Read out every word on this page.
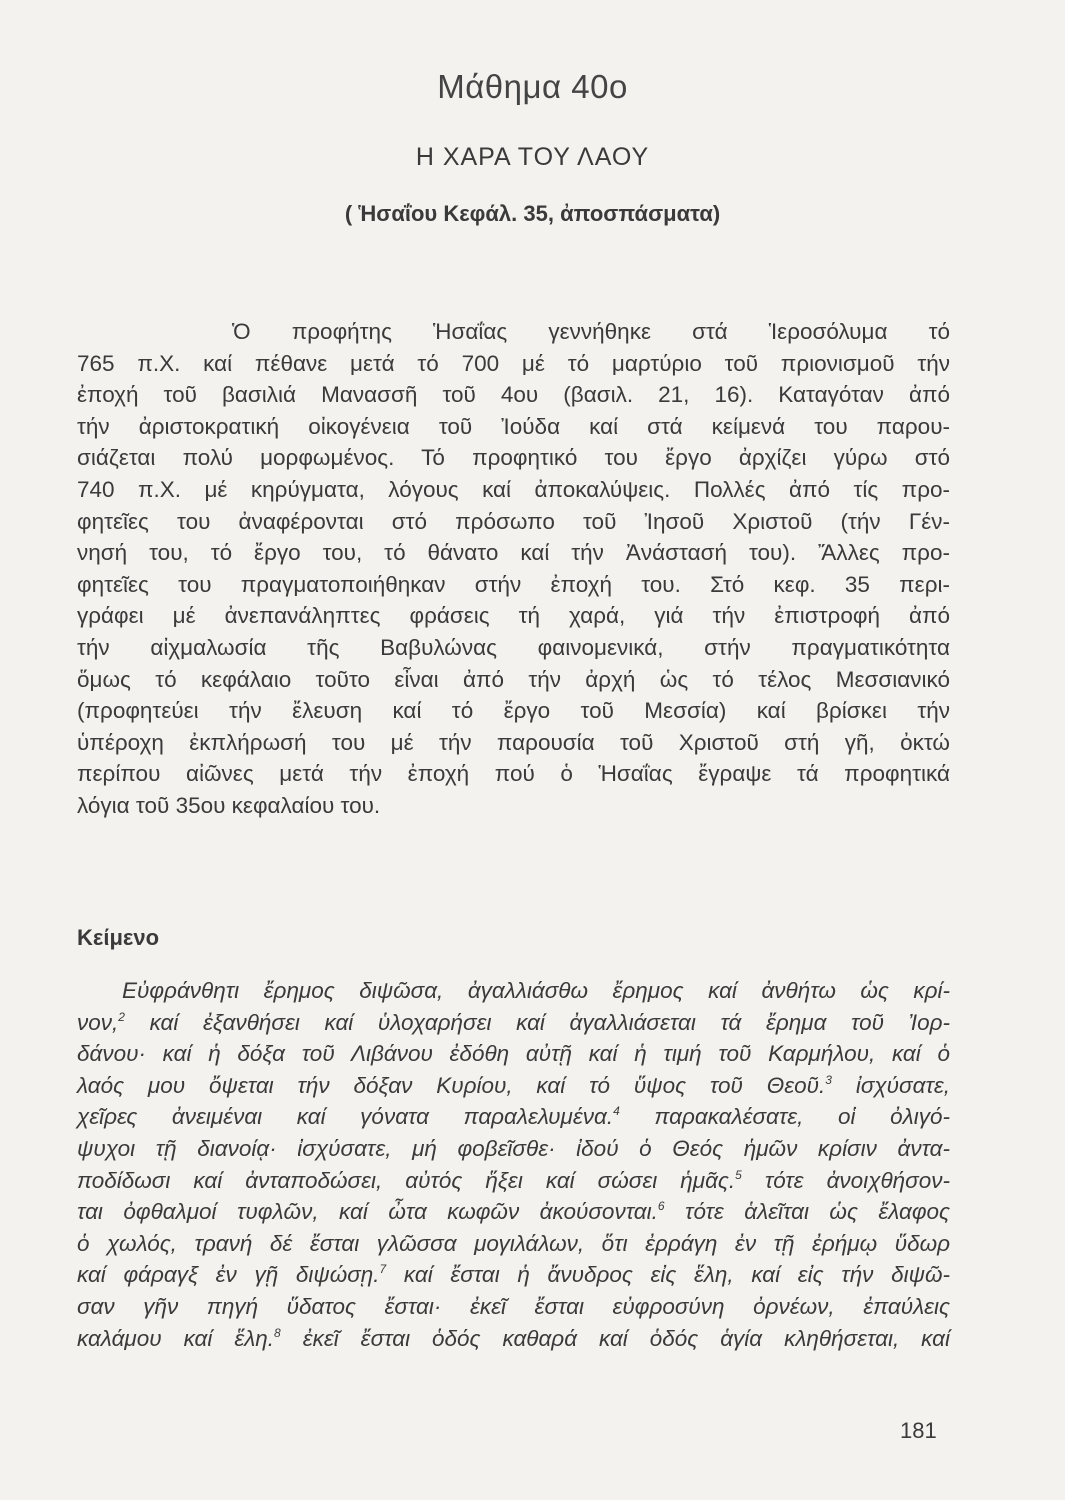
Μάθημα 40ο
Η ΧΑΡΑ ΤΟΥ ΛΑΟΥ
( Ἡσαΐου Κεφάλ. 35, ἀποσπάσματα)
Ὁ προφήτης Ἡσαΐας γεννήθηκε στά Ἱεροσόλυμα τό
765 π.Χ. καί πέθανε μετά τό 700 μέ τό μαρτύριο τοῦ πριονισμοῦ τήν
ἐποχή τοῦ βασιλιά Μανασσῆ τοῦ 4ου (βασιλ. 21, 16). Καταγόταν ἀπό
τήν ἀριστοκρατική οἰκογένεια τοῦ Ἰούδα καί στά κείμενά του παρου-
σιάζεται πολύ μορφωμένος. Τό προφητικό του ἔργο ἀρχίζει γύρω στό
740 π.Χ. μέ κηρύγματα, λόγους καί ἀποκαλύψεις. Πολλές ἀπό τίς προ-
φητεῖες του ἀναφέρονται στό πρόσωπο τοῦ Ἰησοῦ Χριστοῦ (τήν Γέν-
νησή του, τό ἔργο του, τό θάνατο καί τήν Ἀνάστασή του). Ἄλλες προ-
φητεῖες του πραγματοποιήθηκαν στήν ἐποχή του. Στό κεφ. 35 περι-
γράφει μέ ἀνεπανάληπτες φράσεις τή χαρά, γιά τήν ἐπιστροφή ἀπό
τήν αἰχμαλωσία τῆς Βαβυλώνας φαινομενικά, στήν πραγματικότητα
ὅμως τό κεφάλαιο τοῦτο εἶναι ἀπό τήν ἀρχή ὡς τό τέλος Μεσσιανικό
(προφητεύει τήν ἔλευση καί τό ἔργο τοῦ Μεσσία) καί βρίσκει τήν
ὑπέροχη ἐκπλήρωσή του μέ τήν παρουσία τοῦ Χριστοῦ στή γῆ, ὀκτώ
περίπου αἰῶνες μετά τήν ἐποχή πού ὁ Ἡσαΐας ἔγραψε τά προφητικά
λόγια τοῦ 35ου κεφαλαίου του.
Κείμενο
Εὐφράνθητι ἔρημος διψῶσα, ἀγαλλιάσθω ἔρημος καί ἀνθήτω ὡς κρί-
νον,$^2$ καί ἐξανθήσει καί ὑλοχαρήσει καί ἀγαλλιάσεται τά ἔρημα τοῦ Ἰορ-
δάνου· καί ἡ δόξα τοῦ Λιβάνου ἐδόθη αὐτῇ καί ἡ τιμή τοῦ Καρμήλου, καί ὁ
λαός μου ὄψεται τήν δόξαν Κυρίου, καί τό ὕψος τοῦ Θεοῦ.$^3$ ἰσχύσατε,
χεῖρες ἀνειμέναι καί γόνατα παραλελυμένα.$^4$ παρακαλέσατε, οἱ ὀλιγό-
ψυχοι τῇ διανοίᾳ· ἰσχύσατε, μή φοβεῖσθε· ἰδού ὁ Θεός ἡμῶν κρίσιν ἀντα-
ποδίδωσι καί ἀνταποδώσει, αὐτός ἥξει καί σώσει ἡμᾶς.$^5$ τότε ἀνοιχθήσον-
ται ὀφθαλμοί τυφλῶν, καί ὦτα κωφῶν ἀκούσονται.$^6$ τότε ἁλεῖται ὡς ἔλαφος
ὁ χωλός, τρανή δέ ἔσται γλῶσσα μογιλάλων, ὅτι ἐρράγη ἐν τῇ ἐρήμῳ ὕδωρ
καί φάραγξ ἐν γῇ διψώσῃ.$^7$ καί ἔσται ἡ ἄνυδρος εἰς ἕλη, καί εἰς τήν διψῶ-
σαν γῆν πηγή ὕδατος ἔσται· ἐκεῖ ἔσται εὐφροσύνη ὀρνέων, ἐπαύλεις
καλάμου καί ἕλη.$^8$ ἐκεῖ ἔσται ὁδός καθαρά καί ὁδός ἁγία κληθήσεται, καί
181
